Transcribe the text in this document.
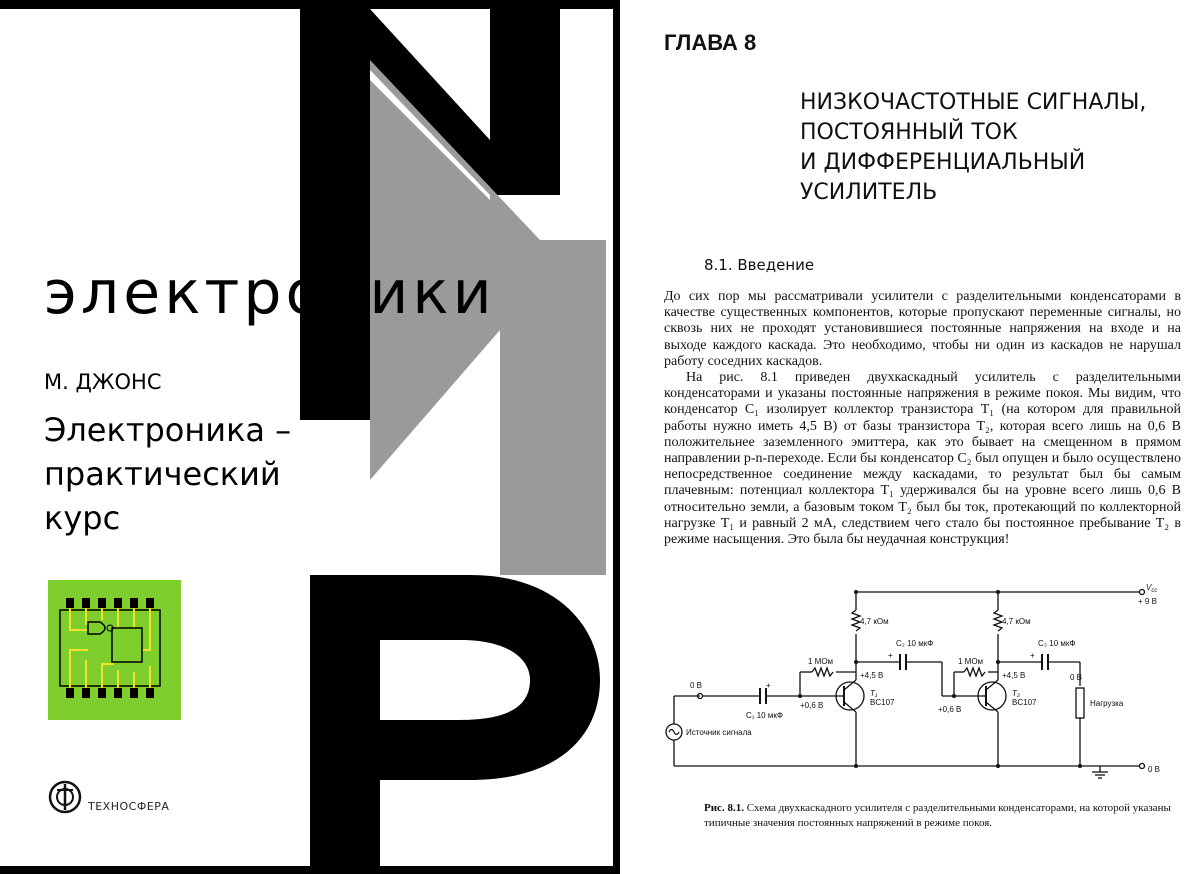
электроники
М. ДЖОНС
Электроника –
практический
курс
ТЕХНОСФЕРА
ГЛАВА 8
НИЗКОЧАСТОТНЫЕ СИГНАЛЫ,
ПОСТОЯННЫЙ ТОК
И ДИФФЕРЕНЦИАЛЬНЫЙ
УСИЛИТЕЛЬ
8.1. Введение

До сих пор мы рассматривали усилители с разделительными конденсаторами в качестве существенных компонентов, которые пропускают переменные сигналы, но сквозь них не проходят установившиеся постоянные напряжения на входе и на выходе каждого каскада. Это необходимо, чтобы ни один из каскадов не нарушал работу соседних каскадов.

На рис. 8.1 приведен двухкаскадный усилитель с разделительными конденсаторами и указаны постоянные напряжения в режиме покоя. Мы видим, что конденсатор C₁ изолирует коллектор транзистора T₁ (на котором для правильной работы нужно иметь 4,5 В) от базы транзистора T₂, которая всего лишь на 0,6 В положительнее заземленного эмиттера, как это бывает на смещенном в прямом направлении p-n-переходе. Если бы конденсатор C₂ был опущен и было осуществлено непосредственное соединение между каскадами, то результат был бы самым плачевным: потенциал коллектора T₁ удерживался бы на уровне всего лишь 0,6 В относительно земли, а базовым током T₂ был бы ток, протекающий по коллекторной нагрузке T₁ и равный 2 мА, следствием чего стало бы постоянное пребывание T₂ в режиме насыщения. Это была бы неудачная конструкция!

$V_{cc}$
+ 9 В
4,7 кОм	4,7 кОм
C₂ 10 мкФ	C₃ 10 мкФ
1 МОм	1 МОм
+4,5 В	+4,5 В
0 В
0 В
C₁ 10 мкФ
+0,6 В	+0,6 В
T₁
BC107
T₂
BC107	Нагрузка
Источник сигнала
0 В
+
+	+
Рис. 8.1. Схема двухкаскадного усилителя с разделительными конденсаторами, на которой указаны типичные значения постоянных напряжений в режиме покоя.
